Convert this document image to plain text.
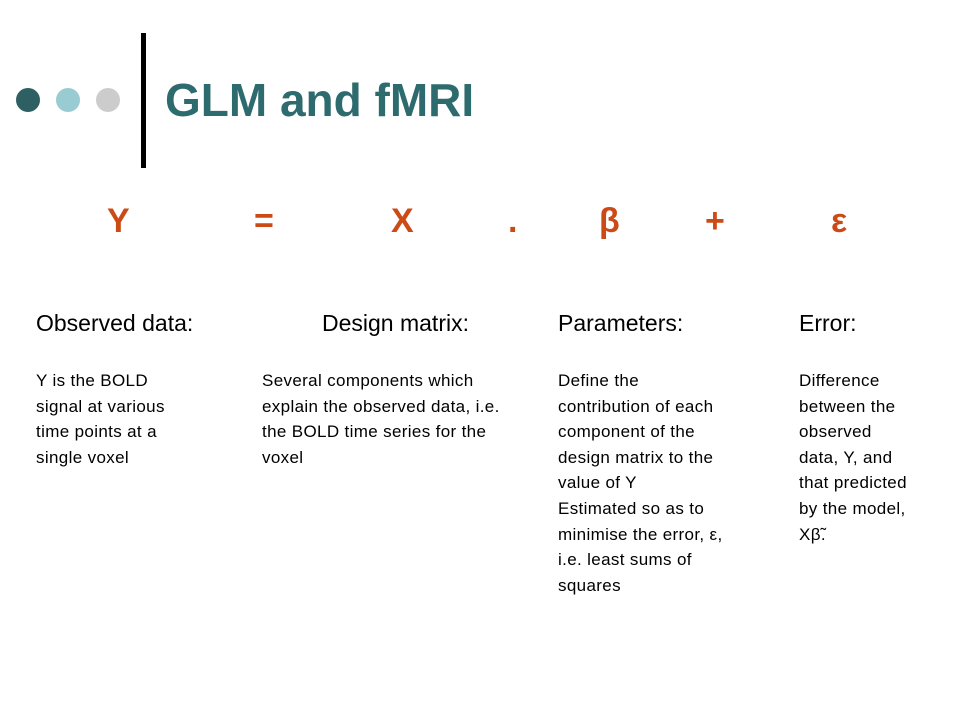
GLM and fMRI
Y	=	X	. β	+	ε
Observed data:
Y is the BOLD
signal at various
time points at a
single voxel
Design matrix:
Several components which
explain the observed data, i.e.
the BOLD time series for the
voxel
Parameters:
Define the
contribution of each
component of the
design matrix to the
value of Y
Estimated so as to
minimise the error, ε,
i.e. least sums of
squares
Error:
Difference
between the
observed
data, Y, and
that predicted
by the model,
Xβ̃.
